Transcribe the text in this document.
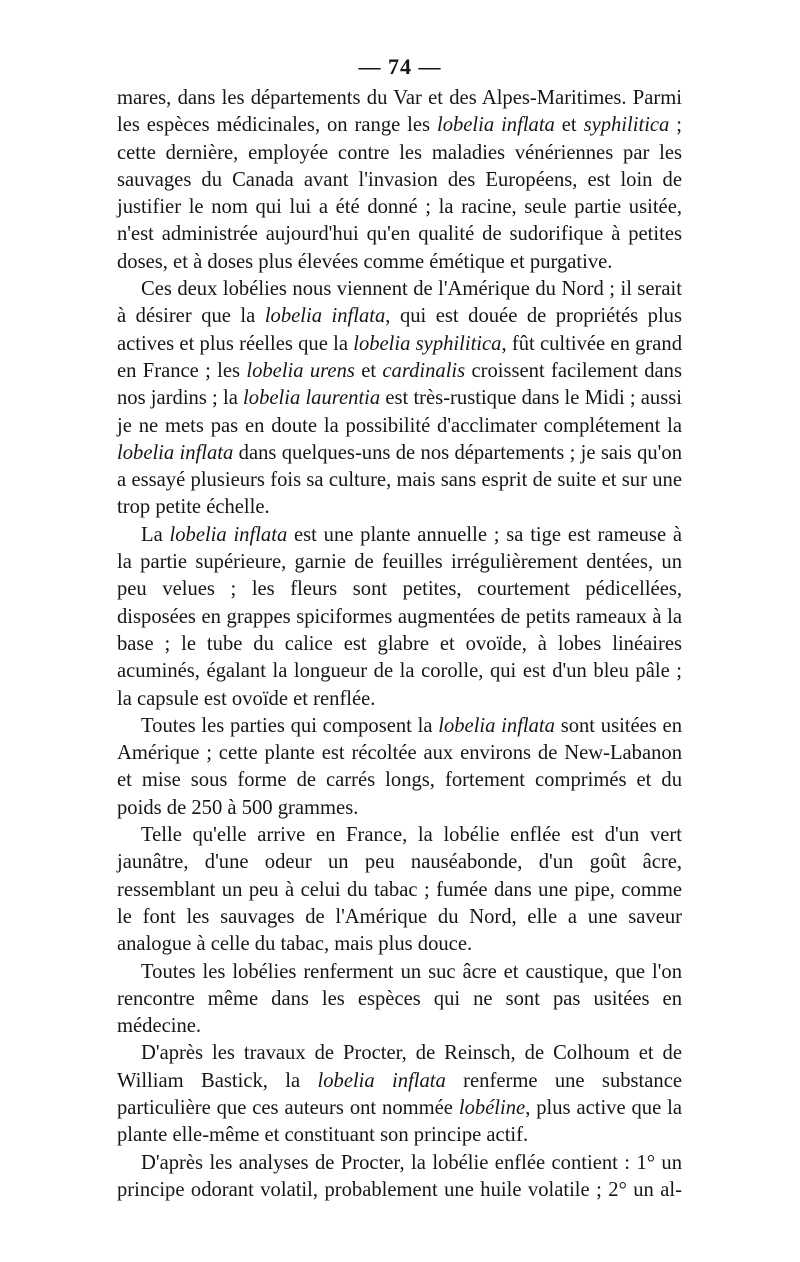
— 74 —

mares, dans les départements du Var et des Alpes-Maritimes. Parmi les espèces médicinales, on range les lobelia inflata et syphilitica ; cette dernière, employée contre les maladies vénériennes par les sauvages du Canada avant l'invasion des Européens, est loin de justifier le nom qui lui a été donné ; la racine, seule partie usitée, n'est administrée aujourd'hui qu'en qualité de sudorifique à petites doses, et à doses plus élevées comme émétique et purgative.

Ces deux lobélies nous viennent de l'Amérique du Nord ; il serait à désirer que la lobelia inflata, qui est douée de propriétés plus actives et plus réelles que la lobelia syphilitica, fût cultivée en grand en France ; les lobelia urens et cardinalis croissent facilement dans nos jardins ; la lobelia laurentia est très-rustique dans le Midi ; aussi je ne mets pas en doute la possibilité d'acclimater complétement la lobelia inflata dans quelques-uns de nos départements ; je sais qu'on a essayé plusieurs fois sa culture, mais sans esprit de suite et sur une trop petite échelle.

La lobelia inflata est une plante annuelle ; sa tige est rameuse à la partie supérieure, garnie de feuilles irrégulièrement dentées, un peu velues ; les fleurs sont petites, courtement pédicellées, disposées en grappes spiciformes augmentées de petits rameaux à la base ; le tube du calice est glabre et ovoïde, à lobes linéaires acuminés, égalant la longueur de la corolle, qui est d'un bleu pâle ; la capsule est ovoïde et renflée.

Toutes les parties qui composent la lobelia inflata sont usitées en Amérique ; cette plante est récoltée aux environs de New-Labanon et mise sous forme de carrés longs, fortement comprimés et du poids de 250 à 500 grammes.

Telle qu'elle arrive en France, la lobélie enflée est d'un vert jaunâtre, d'une odeur un peu nauséabonde, d'un goût âcre, ressemblant un peu à celui du tabac ; fumée dans une pipe, comme le font les sauvages de l'Amérique du Nord, elle a une saveur analogue à celle du tabac, mais plus douce.

Toutes les lobélies renferment un suc âcre et caustique, que l'on rencontre même dans les espèces qui ne sont pas usitées en médecine.

D'après les travaux de Procter, de Reinsch, de Colhoum et de William Bastick, la lobelia inflata renferme une substance particulière que ces auteurs ont nommée lobéline, plus active que la plante elle-même et constituant son principe actif.

D'après les analyses de Procter, la lobélie enflée contient : 1° un principe odorant volatil, probablement une huile volatile ; 2° un al-
